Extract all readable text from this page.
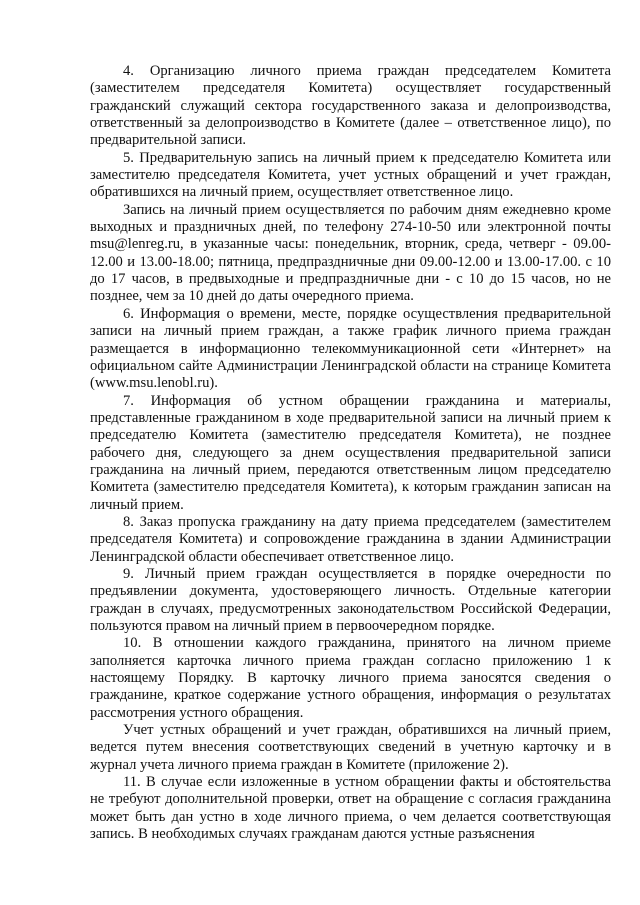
4. Организацию личного приема граждан председателем Комитета (заместителем председателя Комитета) осуществляет государственный гражданский служащий сектора государственного заказа и делопроизводства, ответственный за делопроизводство в Комитете (далее – ответственное лицо), по предварительной записи.

5. Предварительную запись на личный прием к председателю Комитета или заместителю председателя Комитета, учет устных обращений и учет граждан, обратившихся на личный прием, осуществляет ответственное лицо.

Запись на личный прием осуществляется по рабочим дням ежедневно кроме выходных и праздничных дней, по телефону 274-10-50 или электронной почты msu@lenreg.ru, в указанные часы: понедельник, вторник, среда, четверг - 09.00-12.00 и 13.00-18.00; пятница, предпраздничные дни 09.00-12.00 и 13.00-17.00. с 10 до 17 часов, в предвыходные и предпраздничные дни - с 10 до 15 часов, но не позднее, чем за 10 дней до даты очередного приема.

6. Информация о времени, месте, порядке осуществления предварительной записи на личный прием граждан, а также график личного приема граждан размещается в информационно телекоммуникационной сети «Интернет» на официальном сайте Администрации Ленинградской области на странице Комитета (www.msu.lenobl.ru).

7. Информация об устном обращении гражданина и материалы, представленные гражданином в ходе предварительной записи на личный прием к председателю Комитета (заместителю председателя Комитета), не позднее рабочего дня, следующего за днем осуществления предварительной записи гражданина на личный прием, передаются ответственным лицом председателю Комитета (заместителю председателя Комитета), к которым гражданин записан на личный прием.

8. Заказ пропуска гражданину на дату приема председателем (заместителем председателя Комитета) и сопровождение гражданина в здании Администрации Ленинградской области обеспечивает ответственное лицо.

9. Личный прием граждан осуществляется в порядке очередности по предъявлении документа, удостоверяющего личность. Отдельные категории граждан в случаях, предусмотренных законодательством Российской Федерации, пользуются правом на личный прием в первоочередном порядке.

10. В отношении каждого гражданина, принятого на личном приеме заполняется карточка личного приема граждан согласно приложению 1 к настоящему Порядку. В карточку личного приема заносятся сведения о гражданине, краткое содержание устного обращения, информация о результатах рассмотрения устного обращения.

Учет устных обращений и учет граждан, обратившихся на личный прием, ведется путем внесения соответствующих сведений в учетную карточку и в журнал учета личного приема граждан в Комитете (приложение 2).

11. В случае если изложенные в устном обращении факты и обстоятельства не требуют дополнительной проверки, ответ на обращение с согласия гражданина может быть дан устно в ходе личного приема, о чем делается соответствующая запись. В необходимых случаях гражданам даются устные разъяснения
